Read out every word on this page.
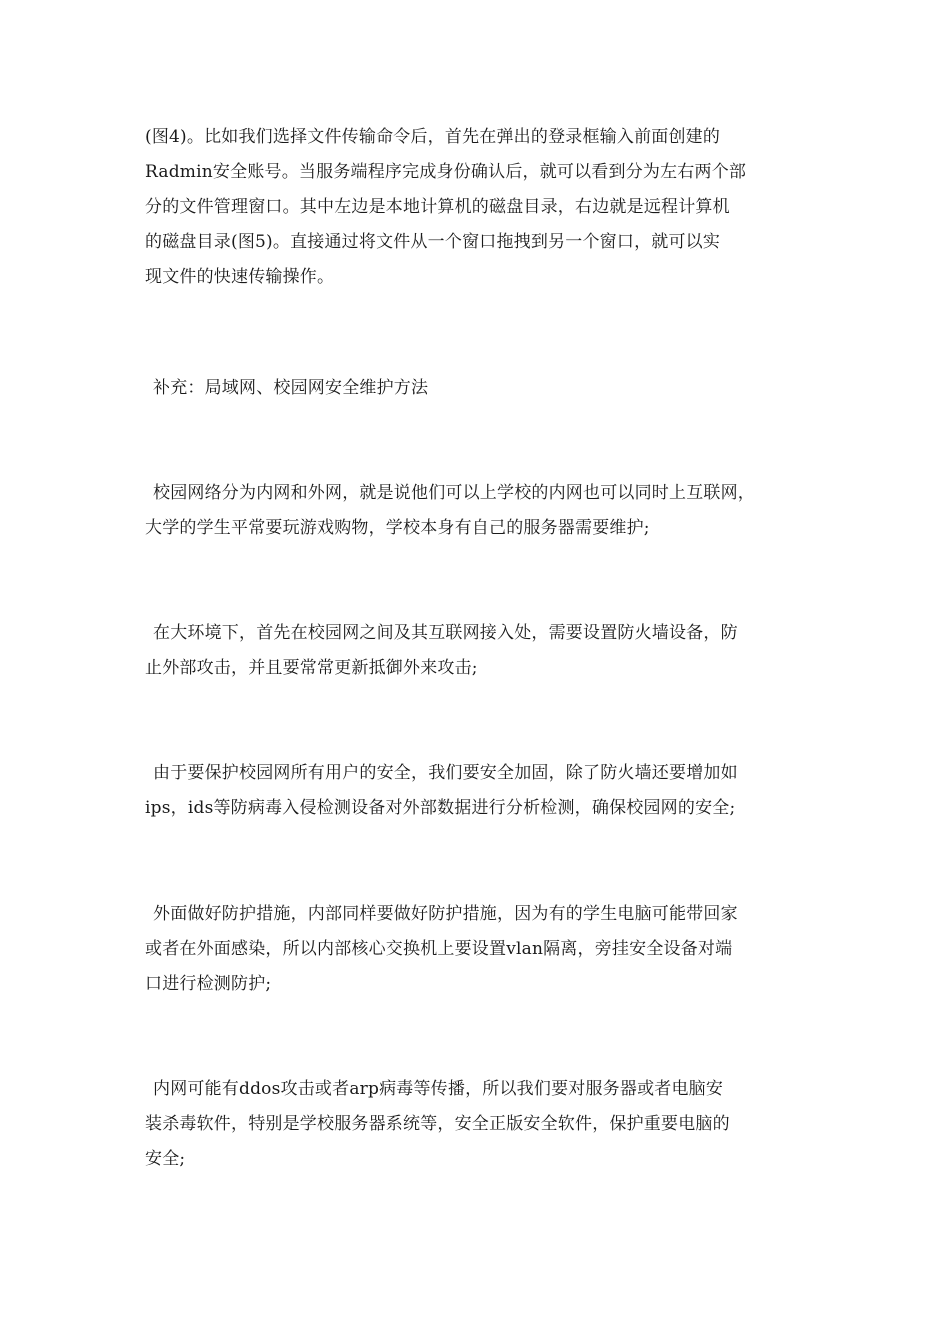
(图4)。比如我们选择文件传输命令后，首先在弹出的登录框输入前面创建的
Radmin安全账号。当服务端程序完成身份确认后，就可以看到分为左右两个部
分的文件管理窗口。其中左边是本地计算机的磁盘目录，右边就是远程计算机
的磁盘目录(图5)。直接通过将文件从一个窗口拖拽到另一个窗口，就可以实
现文件的快速传输操作。
补充：局域网、校园网安全维护方法
校园网络分为内网和外网，就是说他们可以上学校的内网也可以同时上互联网，
大学的学生平常要玩游戏购物，学校本身有自己的服务器需要维护;
在大环境下，首先在校园网之间及其互联网接入处，需要设置防火墙设备，防
止外部攻击，并且要常常更新抵御外来攻击;
由于要保护校园网所有用户的安全，我们要安全加固，除了防火墙还要增加如
ips，ids等防病毒入侵检测设备对外部数据进行分析检测，确保校园网的安全;
外面做好防护措施，内部同样要做好防护措施，因为有的学生电脑可能带回家
或者在外面感染，所以内部核心交换机上要设置vlan隔离，旁挂安全设备对端
口进行检测防护;
内网可能有ddos攻击或者arp病毒等传播，所以我们要对服务器或者电脑安
装杀毒软件，特别是学校服务器系统等，安全正版安全软件，保护重要电脑的
安全;
